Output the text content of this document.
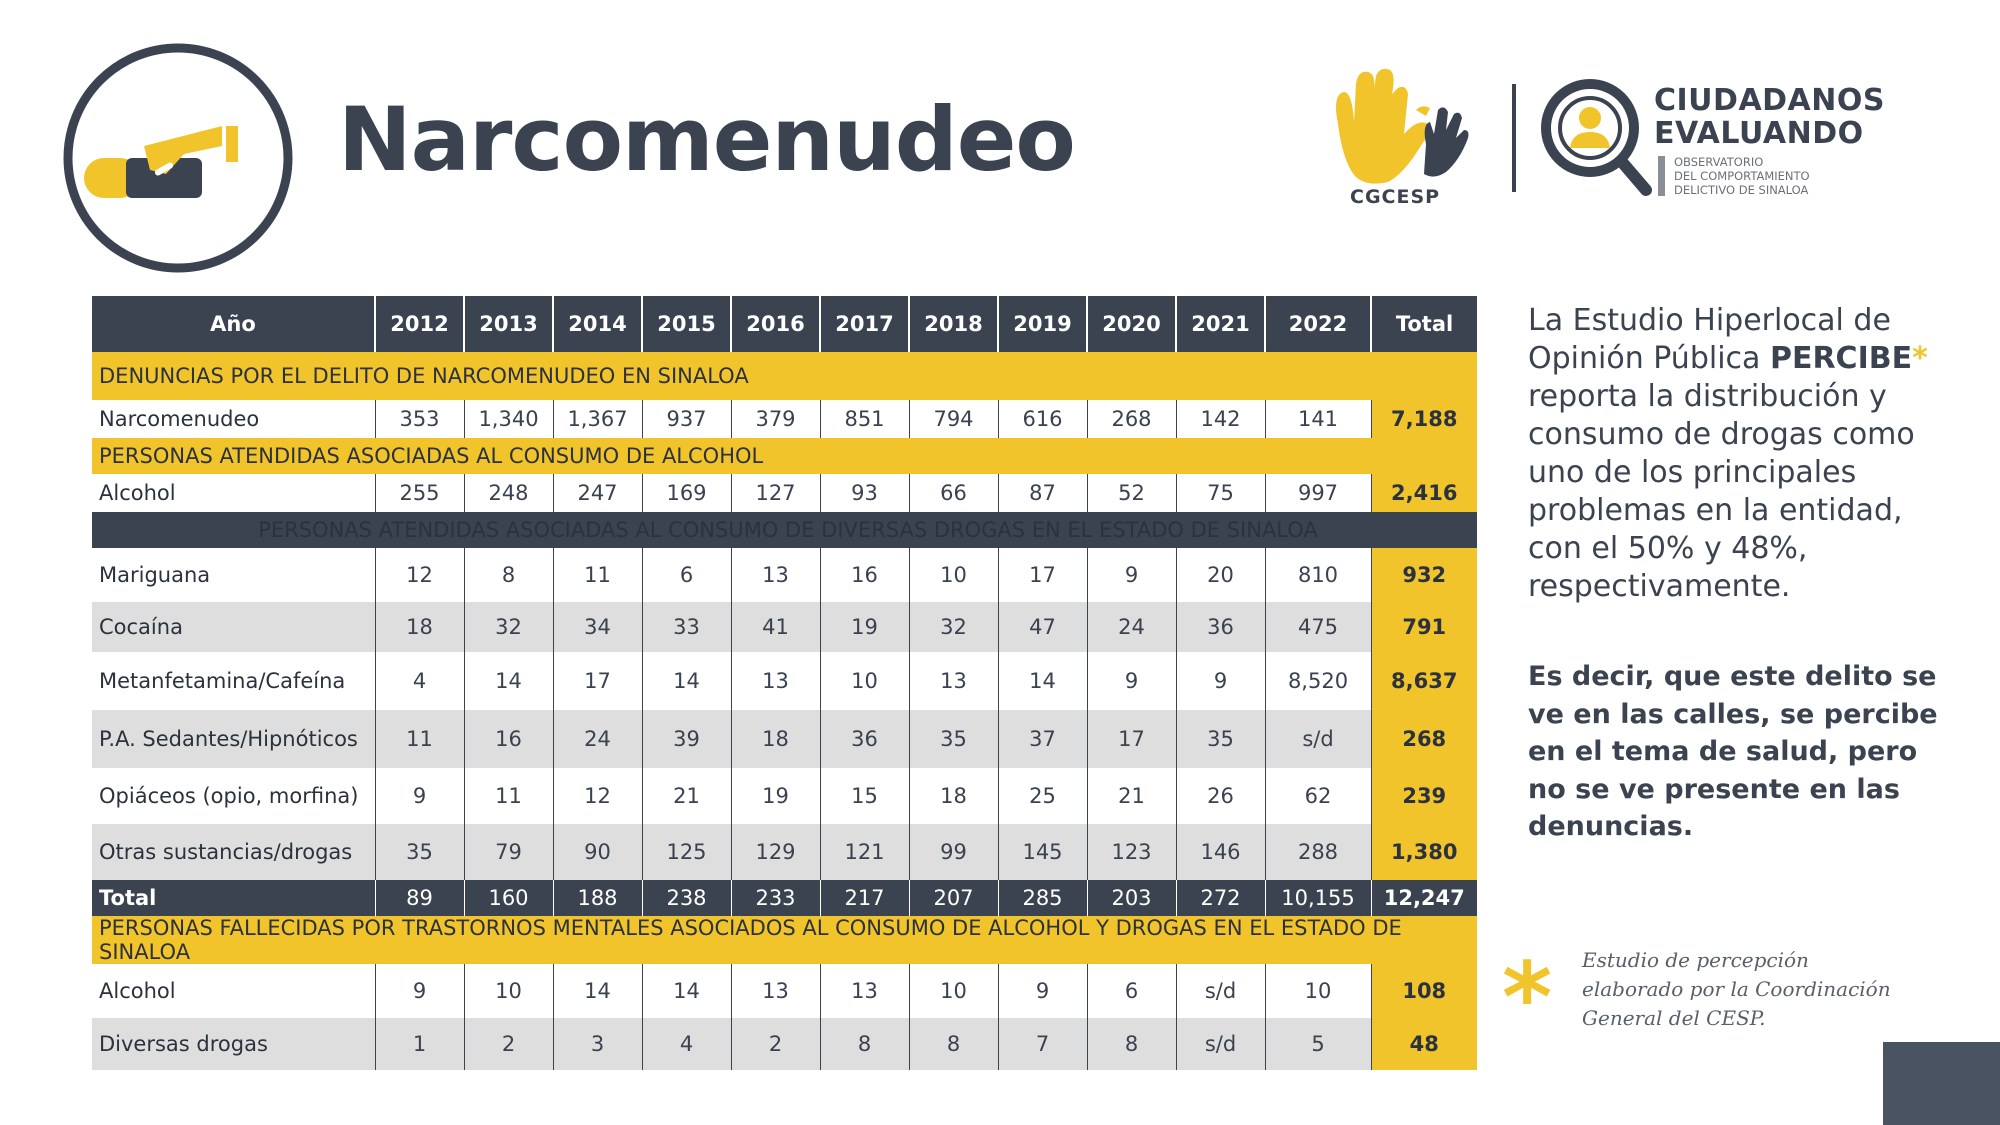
Narcomenudeo
CGCESP
CIUDADANOS
EVALUANDO
OBSERVATORIO
DEL COMPORTAMIENTO
DELICTIVO DE SINALOA
Año	2012	2013	2014	2015	2016	2017	2018	2019	2020	2021	2022	Total
DENUNCIAS POR EL DELITO DE NARCOMENUDEO EN SINALOA												
Narcomenudeo	353	1,340	1,367	937	379	851	794	616	268	142	141	7,188
PERSONAS ATENDIDAS ASOCIADAS AL CONSUMO DE ALCOHOL												
Alcohol	255	248	247	169	127	93	66	87	52	75	997	2,416
PERSONAS ATENDIDAS ASOCIADAS AL CONSUMO DE DIVERSAS DROGAS EN EL ESTADO DE SINALOA												
Mariguana	12	8	11	6	13	16	10	17	9	20	810	932
Cocaína	18	32	34	33	41	19	32	47	24	36	475	791
Metanfetamina/Cafeína	4	14	17	14	13	10	13	14	9	9	8,520	8,637
P.A. Sedantes/Hipnóticos	11	16	24	39	18	36	35	37	17	35	s/d	268
Opiáceos (opio, morfina)	9	11	12	21	19	15	18	25	21	26	62	239
Otras sustancias/drogas	35	79	90	125	129	121	99	145	123	146	288	1,380
Total	89	160	188	238	233	217	207	285	203	272	10,155	12,247
PERSONAS FALLECIDAS POR TRASTORNOS MENTALES ASOCIADOS AL CONSUMO DE ALCOHOL Y DROGAS EN EL ESTADO DE SINALOA												
Alcohol	9	10	14	14	13	13	10	9	6	s/d	10	108
Diversas drogas	1	2	3	4	2	8	8	7	8	s/d	5	48
La Estudio Hiperlocal de Opinión Pública PERCIBE* reporta la distribución y consumo de drogas como uno de los principales problemas en la entidad, con el 50% y 48%, respectivamente.
Es decir, que este delito se ve en las calles, se percibe en el tema de salud, pero no se ve presente en las denuncias.
* Estudio de percepción elaborado por la Coordinación General del CESP.
